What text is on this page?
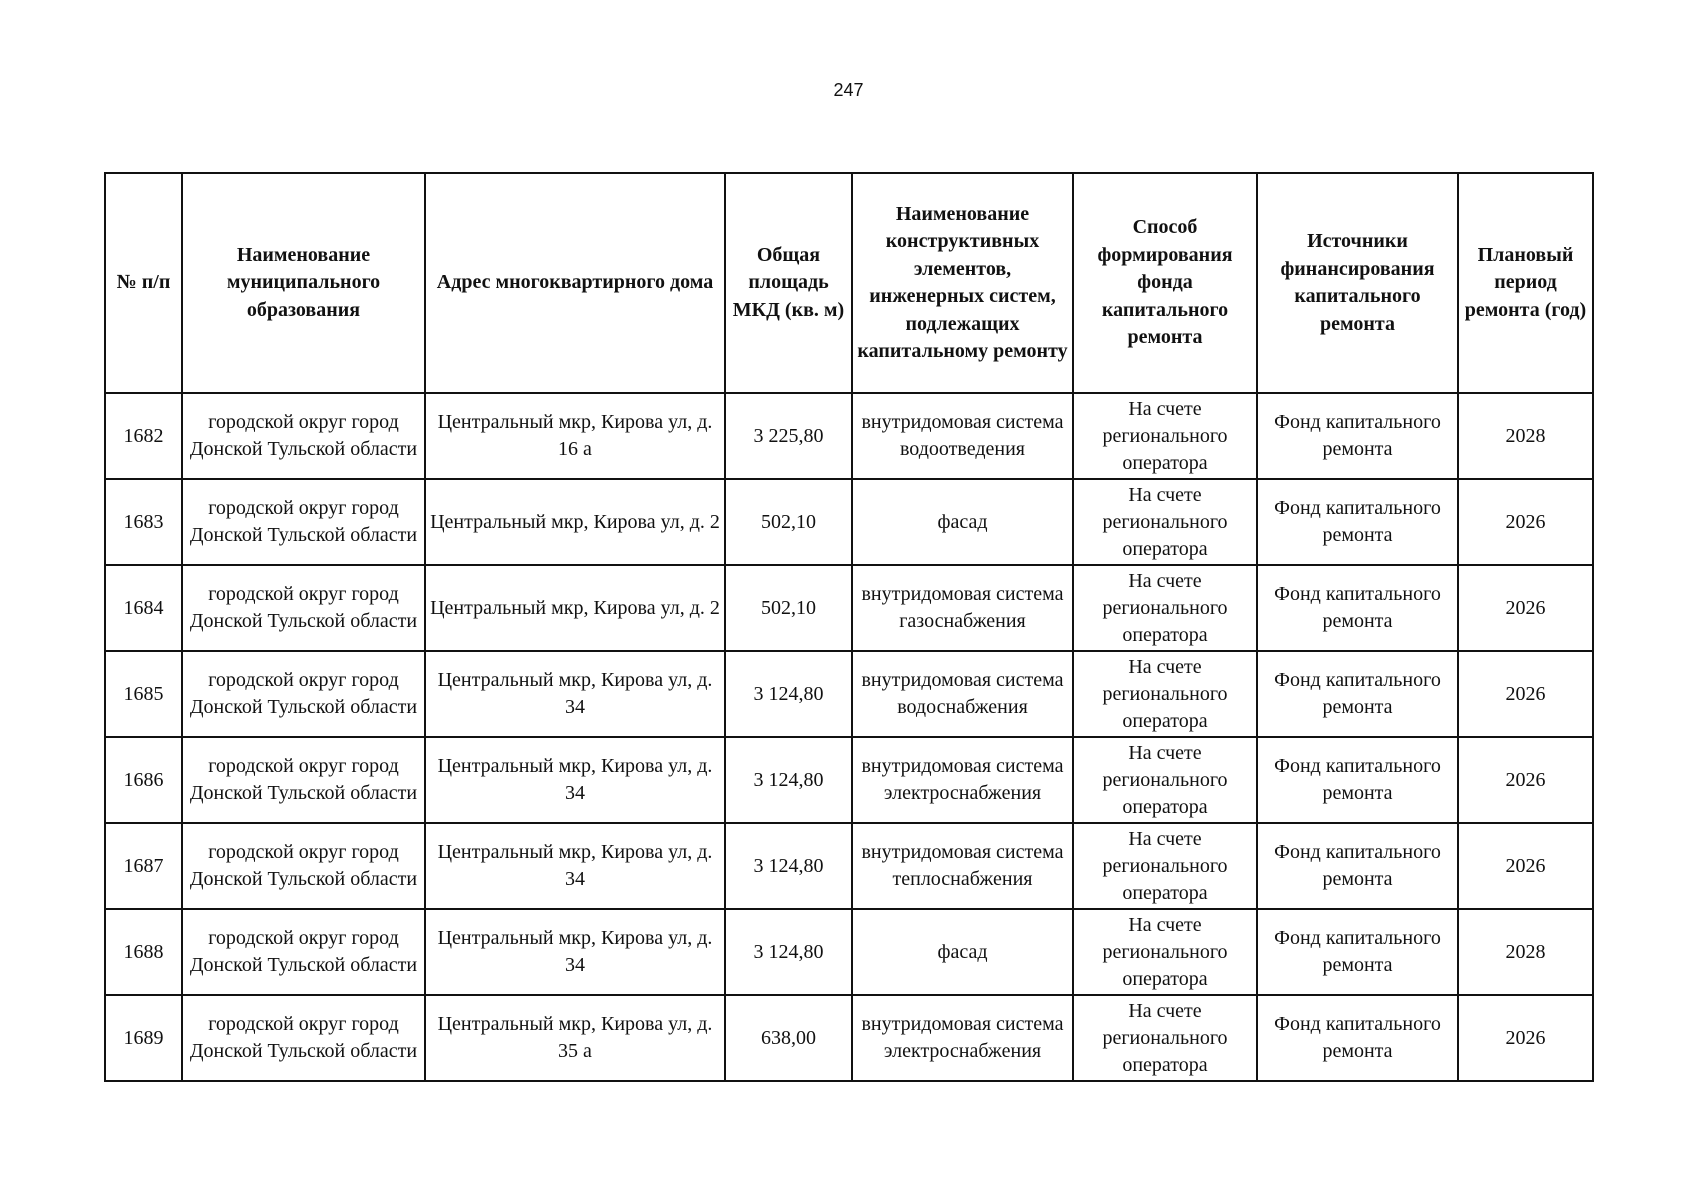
247
№ п/п	Наименование муниципального образования	Адрес многоквартирного дома	Общая площадь МКД (кв. м)	Наименование конструктивных элементов, инженерных систем, подлежащих капитальному ремонту	Способ формирования фонда капитального ремонта	Источники финансирования капитального ремонта	Плановый период ремонта (год)
1682	городской округ город Донской Тульской области	Центральный мкр, Кирова ул, д. 16 а	3 225,80	внутридомовая система водоотведения	На счете регионального оператора	Фонд капитального ремонта	2028
1683	городской округ город Донской Тульской области	Центральный мкр, Кирова ул, д. 2	502,10	фасад	На счете регионального оператора	Фонд капитального ремонта	2026
1684	городской округ город Донской Тульской области	Центральный мкр, Кирова ул, д. 2	502,10	внутридомовая система газоснабжения	На счете регионального оператора	Фонд капитального ремонта	2026
1685	городской округ город Донской Тульской области	Центральный мкр, Кирова ул, д. 34	3 124,80	внутридомовая система водоснабжения	На счете регионального оператора	Фонд капитального ремонта	2026
1686	городской округ город Донской Тульской области	Центральный мкр, Кирова ул, д. 34	3 124,80	внутридомовая система электроснабжения	На счете регионального оператора	Фонд капитального ремонта	2026
1687	городской округ город Донской Тульской области	Центральный мкр, Кирова ул, д. 34	3 124,80	внутридомовая система теплоснабжения	На счете регионального оператора	Фонд капитального ремонта	2026
1688	городской округ город Донской Тульской области	Центральный мкр, Кирова ул, д. 34	3 124,80	фасад	На счете регионального оператора	Фонд капитального ремонта	2028
1689	городской округ город Донской Тульской области	Центральный мкр, Кирова ул, д. 35 а	638,00	внутридомовая система электроснабжения	На счете регионального оператора	Фонд капитального ремонта	2026
